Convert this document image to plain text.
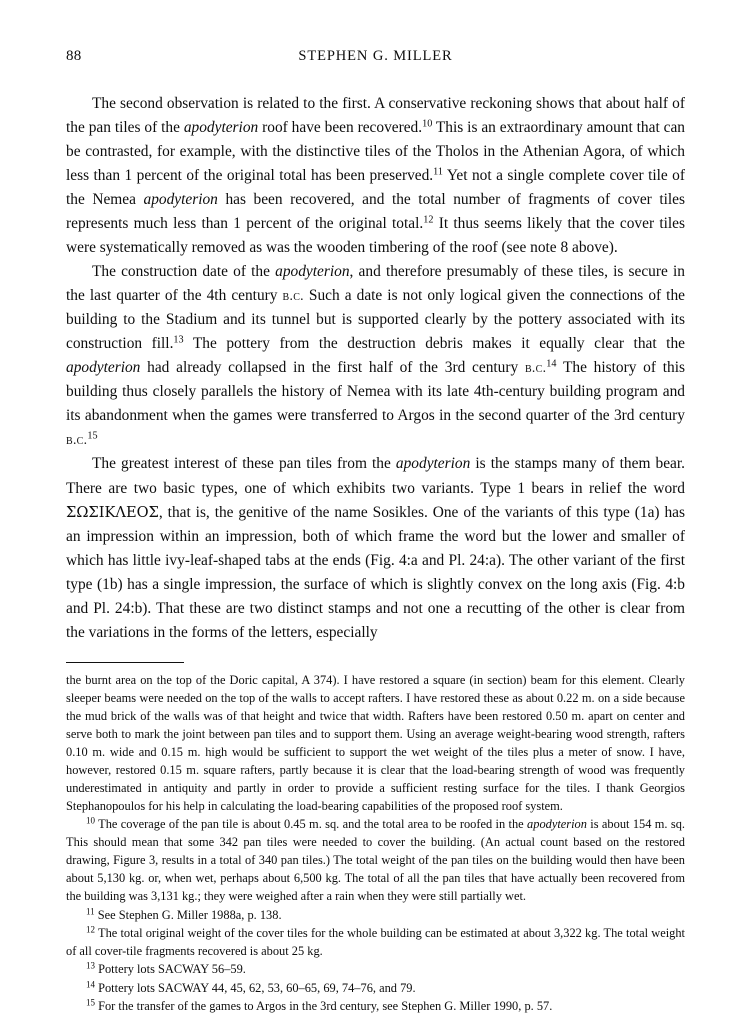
88	STEPHEN G. MILLER

The second observation is related to the first. A conservative reckoning shows that about half of the pan tiles of the apodyterion roof have been recovered.$^{10}$ This is an extraordinary amount that can be contrasted, for example, with the distinctive tiles of the Tholos in the Athenian Agora, of which less than 1 percent of the original total has been preserved.$^{11}$ Yet not a single complete cover tile of the Nemea apodyterion has been recovered, and the total number of fragments of cover tiles represents much less than 1 percent of the original total.$^{12}$ It thus seems likely that the cover tiles were systematically removed as was the wooden timbering of the roof (see note 8 above).

The construction date of the apodyterion, and therefore presumably of these tiles, is secure in the last quarter of the 4th century b.c. Such a date is not only logical given the connections of the building to the Stadium and its tunnel but is supported clearly by the pottery associated with its construction fill.$^{13}$ The pottery from the destruction debris makes it equally clear that the apodyterion had already collapsed in the first half of the 3rd century b.c.$^{14}$ The history of this building thus closely parallels the history of Nemea with its late 4th-century building program and its abandonment when the games were transferred to Argos in the second quarter of the 3rd century b.c.$^{15}$

The greatest interest of these pan tiles from the apodyterion is the stamps many of them bear. There are two basic types, one of which exhibits two variants. Type 1 bears in relief the word ΣΩΣΙΚΛΕΟΣ, that is, the genitive of the name Sosikles. One of the variants of this type (1a) has an impression within an impression, both of which frame the word but the lower and smaller of which has little ivy-leaf-shaped tabs at the ends (Fig. 4:a and Pl. 24:a). The other variant of the first type (1b) has a single impression, the surface of which is slightly convex on the long axis (Fig. 4:b and Pl. 24:b). That these are two distinct stamps and not one a recutting of the other is clear from the variations in the forms of the letters, especially

the burnt area on the top of the Doric capital, A 374). I have restored a square (in section) beam for this element. Clearly sleeper beams were needed on the top of the walls to accept rafters. I have restored these as about 0.22 m. on a side because the mud brick of the walls was of that height and twice that width. Rafters have been restored 0.50 m. apart on center and serve both to mark the joint between pan tiles and to support them. Using an average weight-bearing wood strength, rafters 0.10 m. wide and 0.15 m. high would be sufficient to support the wet weight of the tiles plus a meter of snow. I have, however, restored 0.15 m. square rafters, partly because it is clear that the load-bearing strength of wood was frequently underestimated in antiquity and partly in order to provide a sufficient resting surface for the tiles. I thank Georgios Stephanopoulos for his help in calculating the load-bearing capabilities of the proposed roof system.

$^{10}$ The coverage of the pan tile is about 0.45 m. sq. and the total area to be roofed in the apodyterion is about 154 m. sq. This should mean that some 342 pan tiles were needed to cover the building. (An actual count based on the restored drawing, Figure 3, results in a total of 340 pan tiles.) The total weight of the pan tiles on the building would then have been about 5,130 kg. or, when wet, perhaps about 6,500 kg. The total of all the pan tiles that have actually been recovered from the building was 3,131 kg.; they were weighed after a rain when they were still partially wet.

$^{11}$ See Stephen G. Miller 1988a, p. 138.

$^{12}$ The total original weight of the cover tiles for the whole building can be estimated at about 3,322 kg. The total weight of all cover-tile fragments recovered is about 25 kg.

$^{13}$ Pottery lots SACWAY 56–59.

$^{14}$ Pottery lots SACWAY 44, 45, 62, 53, 60–65, 69, 74–76, and 79.

$^{15}$ For the transfer of the games to Argos in the 3rd century, see Stephen G. Miller 1990, p. 57.
